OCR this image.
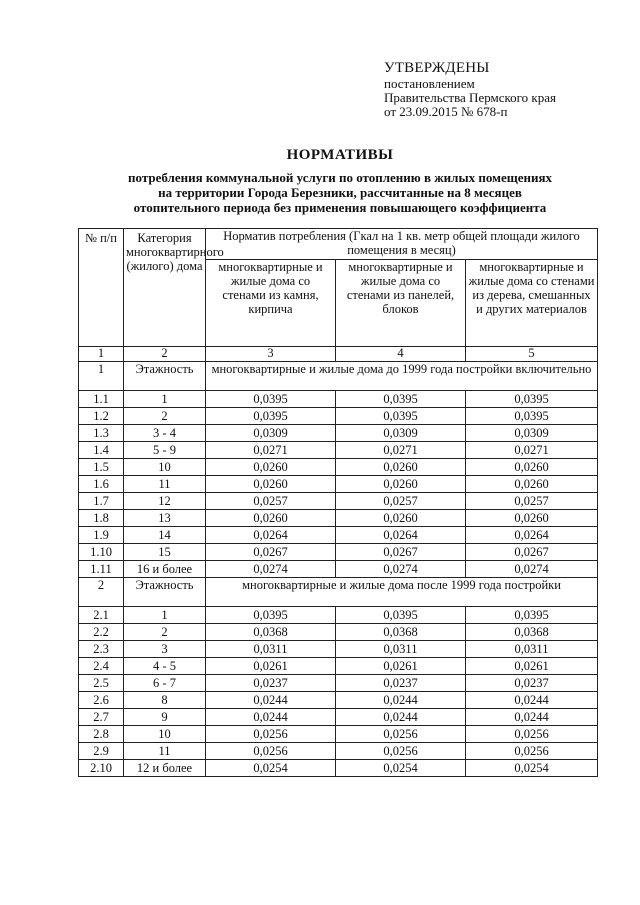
УТВЕРЖДЕНЫ
постановлением
Правительства Пермского края
от 23.09.2015 № 678-п
НОРМАТИВЫ
потребления коммунальной услуги по отоплению в жилых помещениях
на территории Города Березники, рассчитанные на 8 месяцев
отопительного периода без применения повышающего коэффициента
№ п/п	Категория многоквартирного (жилого) дома	Норматив потребления (Гкал на 1 кв. метр общей площади жилого помещения в месяц)		
		многоквартирные и жилые дома со стенами из камня, кирпича	многоквартирные и жилые дома со стенами из панелей, блоков	многоквартирные и жилые дома со стенами из дерева, смешанных и других материалов
1	2	3	4	5
1	Этажность	многоквартирные и жилые дома до 1999 года постройки включительно		
1.1	1	0,0395	0,0395	0,0395
1.2	2	0,0395	0,0395	0,0395
1.3	3 - 4	0,0309	0,0309	0,0309
1.4	5 - 9	0,0271	0,0271	0,0271
1.5	10	0,0260	0,0260	0,0260
1.6	11	0,0260	0,0260	0,0260
1.7	12	0,0257	0,0257	0,0257
1.8	13	0,0260	0,0260	0,0260
1.9	14	0,0264	0,0264	0,0264
1.10	15	0,0267	0,0267	0,0267
1.11	16 и более	0,0274	0,0274	0,0274
2	Этажность	многоквартирные и жилые дома после 1999 года постройки		
2.1	1	0,0395	0,0395	0,0395
2.2	2	0,0368	0,0368	0,0368
2.3	3	0,0311	0,0311	0,0311
2.4	4 - 5	0,0261	0,0261	0,0261
2.5	6 - 7	0,0237	0,0237	0,0237
2.6	8	0,0244	0,0244	0,0244
2.7	9	0,0244	0,0244	0,0244
2.8	10	0,0256	0,0256	0,0256
2.9	11	0,0256	0,0256	0,0256
2.10	12 и более	0,0254	0,0254	0,0254
